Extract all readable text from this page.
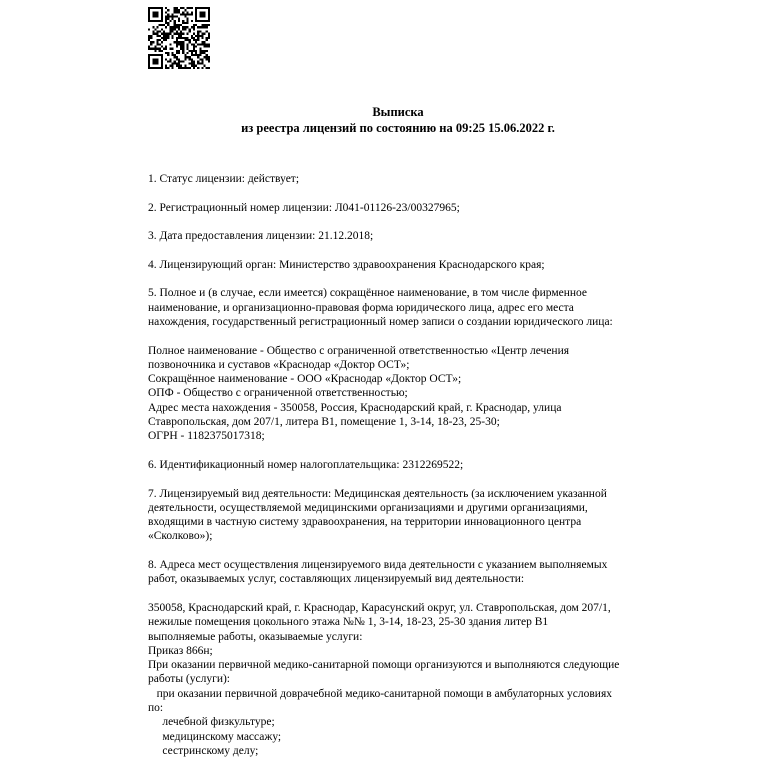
Выписка
из реестра лицензий по состоянию на 09:25 15.06.2022 г.

1. Статус лицензии: действует;

2. Регистрационный номер лицензии: Л041-01126-23/00327965;

3. Дата предоставления лицензии: 21.12.2018;

4. Лицензирующий орган: Министерство здравоохранения Краснодарского края;

5. Полное и (в случае, если имеется) сокращённое наименование, в том числе фирменное
наименование, и организационно-правовая форма юридического лица, адрес его места
нахождения, государственный регистрационный номер записи о создании юридического лица:

Полное наименование - Общество с ограниченной ответственностью «Центр лечения
позвоночника и суставов «Краснодар «Доктор ОСТ»;
Сокращённое наименование - ООО «Краснодар «Доктор ОСТ»;
ОПФ - Общество с ограниченной ответственностью;
Адрес места нахождения - 350058, Россия, Краснодарский край, г. Краснодар, улица
Ставропольская, дом 207/1, литера В1, помещение 1, 3-14, 18-23, 25-30;
ОГРН - 1182375017318;

6. Идентификационный номер налогоплательщика: 2312269522;

7. Лицензируемый вид деятельности: Медицинская деятельность (за исключением указанной
деятельности, осуществляемой медицинскими организациями и другими организациями,
входящими в частную систему здравоохранения, на территории инновационного центра
«Сколково»);

8. Адреса мест осуществления лицензируемого вида деятельности с указанием выполняемых
работ, оказываемых услуг, составляющих лицензируемый вид деятельности:

350058, Краснодарский край, г. Краснодар, Карасунский округ, ул. Ставропольская, дом 207/1,
нежилые помещения цокольного этажа №№ 1, 3-14, 18-23, 25-30 здания литер В1
выполняемые работы, оказываемые услуги:
Приказ 866н;
При оказании первичной медико-санитарной помощи организуются и выполняются следующие
работы (услуги):
при оказании первичной доврачебной медико-санитарной помощи в амбулаторных условиях
по:
лечебной физкультуре;
медицинскому массажу;
сестринскому делу;
